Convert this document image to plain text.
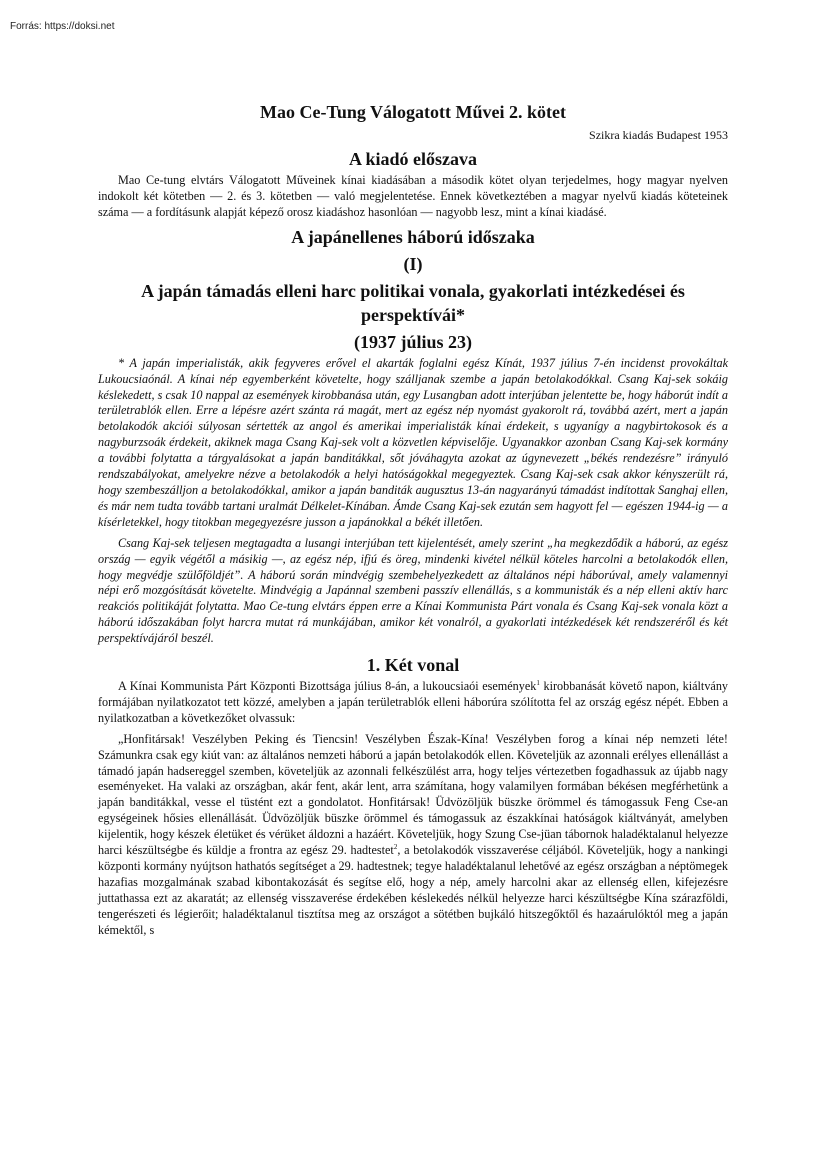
Forrás: https://doksi.net
Mao Ce-Tung Válogatott Művei 2. kötet
Szikra kiadás Budapest 1953
A kiadó előszava

Mao Ce-tung elvtárs Válogatott Műveinek kínai kiadásában a második kötet olyan terjedelmes, hogy magyar nyelven indokolt két kötetben — 2. és 3. kötetben — való megjelentetése. Ennek következtében a magyar nyelvű kiadás köteteinek száma — a fordításunk alapját képező orosz kiadáshoz hasonlóan — nagyobb lesz, mint a kínai kiadásé.

A japánellenes háború időszaka
(I)
A japán támadás elleni harc politikai vonala, gyakorlati intézkedései és perspektívái*
(1937 július 23)

* A japán imperialisták, akik fegyveres erővel el akarták foglalni egész Kínát, 1937 július 7-én incidenst provokáltak Lukoucsiaónál. A kínai nép egyemberként követelte, hogy szálljanak szembe a japán betolakodókkal. Csang Kaj-sek sokáig késlekedett, s csak 10 nappal az események kirobbanása után, egy Lusangban adott interjúban jelentette be, hogy háborút indít a területrablók ellen. Erre a lépésre azért szánta rá magát, mert az egész nép nyomást gyakorolt rá, továbbá azért, mert a japán betolakodók akciói súlyosan sértették az angol és amerikai imperialisták kínai érdekeit, s ugyanígy a nagybirtokosok és a nagyburzsoák érdekeit, akiknek maga Csang Kaj-sek volt a közvetlen képviselője. Ugyanakkor azonban Csang Kaj-sek kormány a további folytatta a tárgyalásokat a japán banditákkal, sőt jóváhagyta azokat az úgynevezett „békés rendezésre” irányuló rendszabályokat, amelyekre nézve a betolakodók a helyi hatóságokkal megegyeztek. Csang Kaj-sek csak akkor kényszerült rá, hogy szembeszálljon a betolakodókkal, amikor a japán banditák augusztus 13-án nagyarányú támadást indítottak Sanghaj ellen, és már nem tudta tovább tartani uralmát Délkelet-Kínában. Ámde Csang Kaj-sek ezután sem hagyott fel — egészen 1944-ig — a kísérletekkel, hogy titokban megegyezésre jusson a japánokkal a békét illetően.

Csang Kaj-sek teljesen megtagadta a lusangi interjúban tett kijelentését, amely szerint „ha megkezdődik a háború, az egész ország — egyik végétől a másikig —, az egész nép, ifjú és öreg, mindenki kivétel nélkül köteles harcolni a betolakodók ellen, hogy megvédje szülőföldjét”. A háború során mindvégig szembehelyezkedett az általános népi háborúval, amely valamennyi népi erő mozgósítását követelte. Mindvégig a Japánnal szembeni passzív ellenállás, s a kommunisták és a nép elleni aktív harc reakciós politikáját folytatta. Mao Ce-tung elvtárs éppen erre a Kínai Kommunista Párt vonala és Csang Kaj-sek vonala közt a háború időszakában folyt harcra mutat rá munkájában, amikor két vonalról, a gyakorlati intézkedések két rendszeréről és két perspektívájáról beszél.

1. Két vonal

A Kínai Kommunista Párt Központi Bizottsága július 8-án, a lukoucsiaói események$^1$ kirobbanását követő napon, kiáltvány formájában nyilatkozatot tett közzé, amelyben a japán területrablók elleni háborúra szólította fel az ország egész népét. Ebben a nyilatkozatban a következőket olvassuk:

„Honfitársak! Veszélyben Peking és Tiencsin! Veszélyben Észak-Kína! Veszélyben forog a kínai nép nemzeti léte! Számunkra csak egy kiút van: az általános nemzeti háború a japán betolakodók ellen. Követeljük az azonnali erélyes ellenállást a támadó japán hadsereggel szemben, követeljük az azonnali felkészülést arra, hogy teljes vértezetben fogadhassuk az újabb nagy eseményeket. Ha valaki az országban, akár fent, akár lent, arra számítana, hogy valamilyen formában békésen megférhetünk a japán banditákkal, vesse el tüstént ezt a gondolatot. Honfitársak! Üdvözöljük büszke örömmel és támogassuk Feng Cse-an egységeinek hősies ellenállását. Üdvözöljük büszke örömmel és támogassuk az északkínai hatóságok kiáltványát, amelyben kijelentik, hogy készek életüket és vérüket áldozni a hazáért. Követeljük, hogy Szung Cse-jüan tábornok haladéktalanul helyezze harci készültségbe és küldje a frontra az egész 29. hadtestet$^2$, a betolakodók visszaverése céljából. Követeljük, hogy a nankingi központi kormány nyújtson hathatós segítséget a 29. hadtestnek; tegye haladéktalanul lehetővé az egész országban a néptömegek hazafias mozgalmának szabad kibontakozását és segítse elő, hogy a nép, amely harcolni akar az ellenség ellen, kifejezésre juttathassa ezt az akaratát; az ellenség visszaverése érdekében késlekedés nélkül helyezze harci készültségbe Kína szárazföldi, tengerészeti és légierőit; haladéktalanul tisztítsa meg az országot a sötétben bujkáló hitszegőktől és hazaárulóktól meg a japán kémektől, s
